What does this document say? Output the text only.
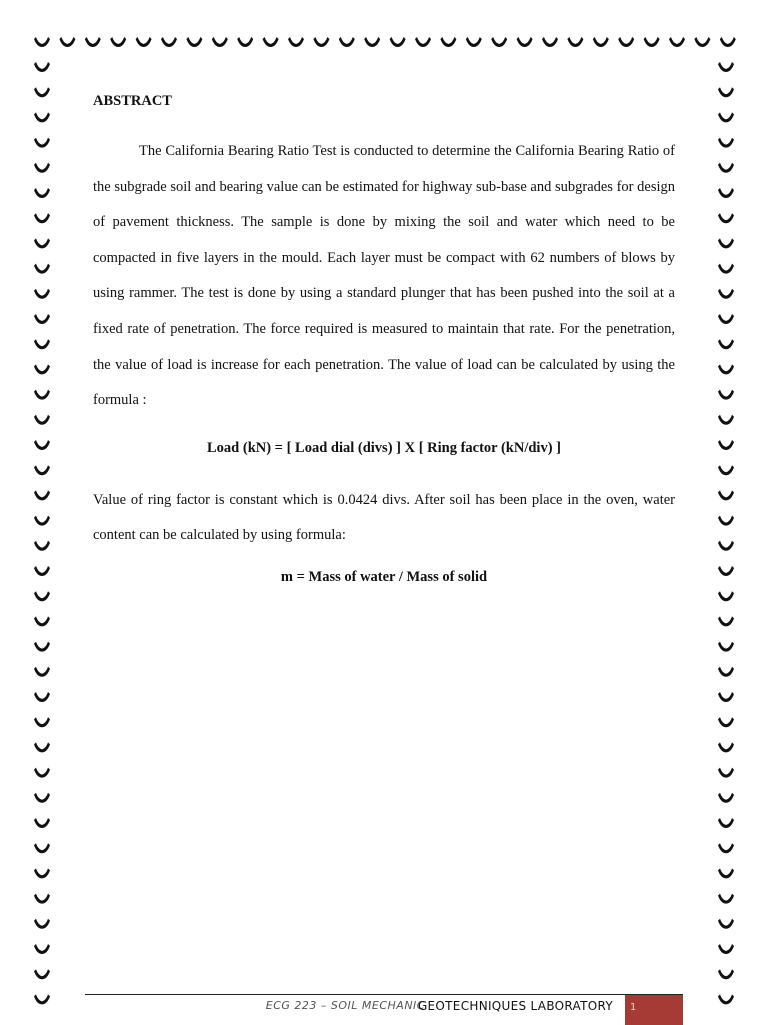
ABSTRACT

The California Bearing Ratio Test is conducted to determine the California Bearing Ratio of the subgrade soil and bearing value can be estimated for highway sub-base and subgrades for design of pavement thickness. The sample is done by mixing the soil and water which need to be compacted in five layers in the mould. Each layer must be compact with 62 numbers of blows by using rammer. The test is done by using a standard plunger that has been pushed into the soil at a fixed rate of penetration. The force required is measured to maintain that rate. For the penetration, the value of load is increase for each penetration. The value of load can be calculated by using the formula :

Load (kN) = [ Load dial (divs) ] X [ Ring factor (kN/div) ]

Value of ring factor is constant which is 0.0424 divs. After soil has been place in the oven, water content can be calculated by using formula:

m = Mass of water / Mass of solid

ECG 223 – SOIL MECHANIC
GEOTECHNIQUES LABORATORY	1
